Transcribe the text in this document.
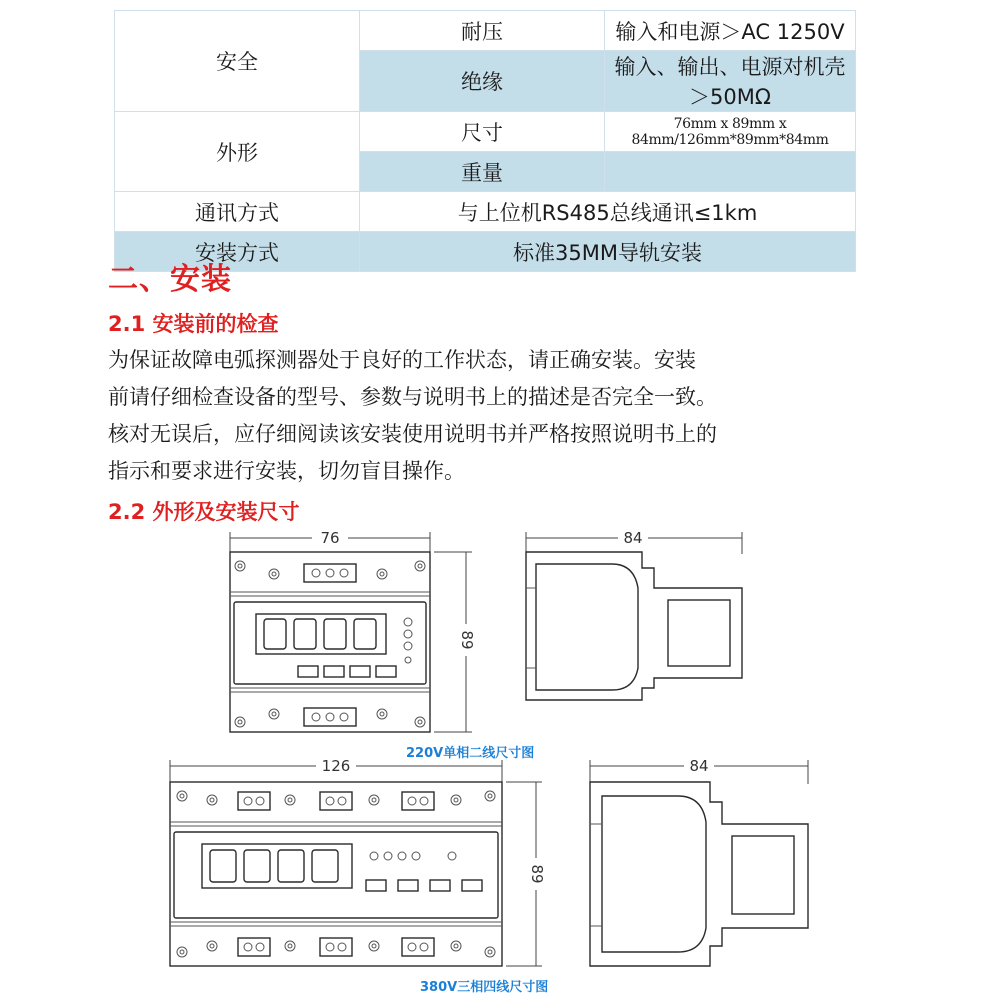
安全	耐压	输入和电源＞AC 1250V
	绝缘	输入、输出、电源对机壳＞50MΩ
外形	尺寸	76mm x 89mm x 84mm/126mm*89mm*84mm
	重量	
通讯方式	与上位机RS485总线通讯≤1km	
安装方式	标准35MM导轨安装	
二、安装
2.1 安装前的检查

为保证故障电弧探测器处于良好的工作状态，请正确安装。安装
前请仔细检查设备的型号、参数与说明书上的描述是否完全一致。
核对无误后，应仔细阅读该安装使用说明书并严格按照说明书上的
指示和要求进行安装，切勿盲目操作。

2.2 外形及安装尺寸
76
89
84

220V单相二线尺寸图

126
89
84

380V三相四线尺寸图
